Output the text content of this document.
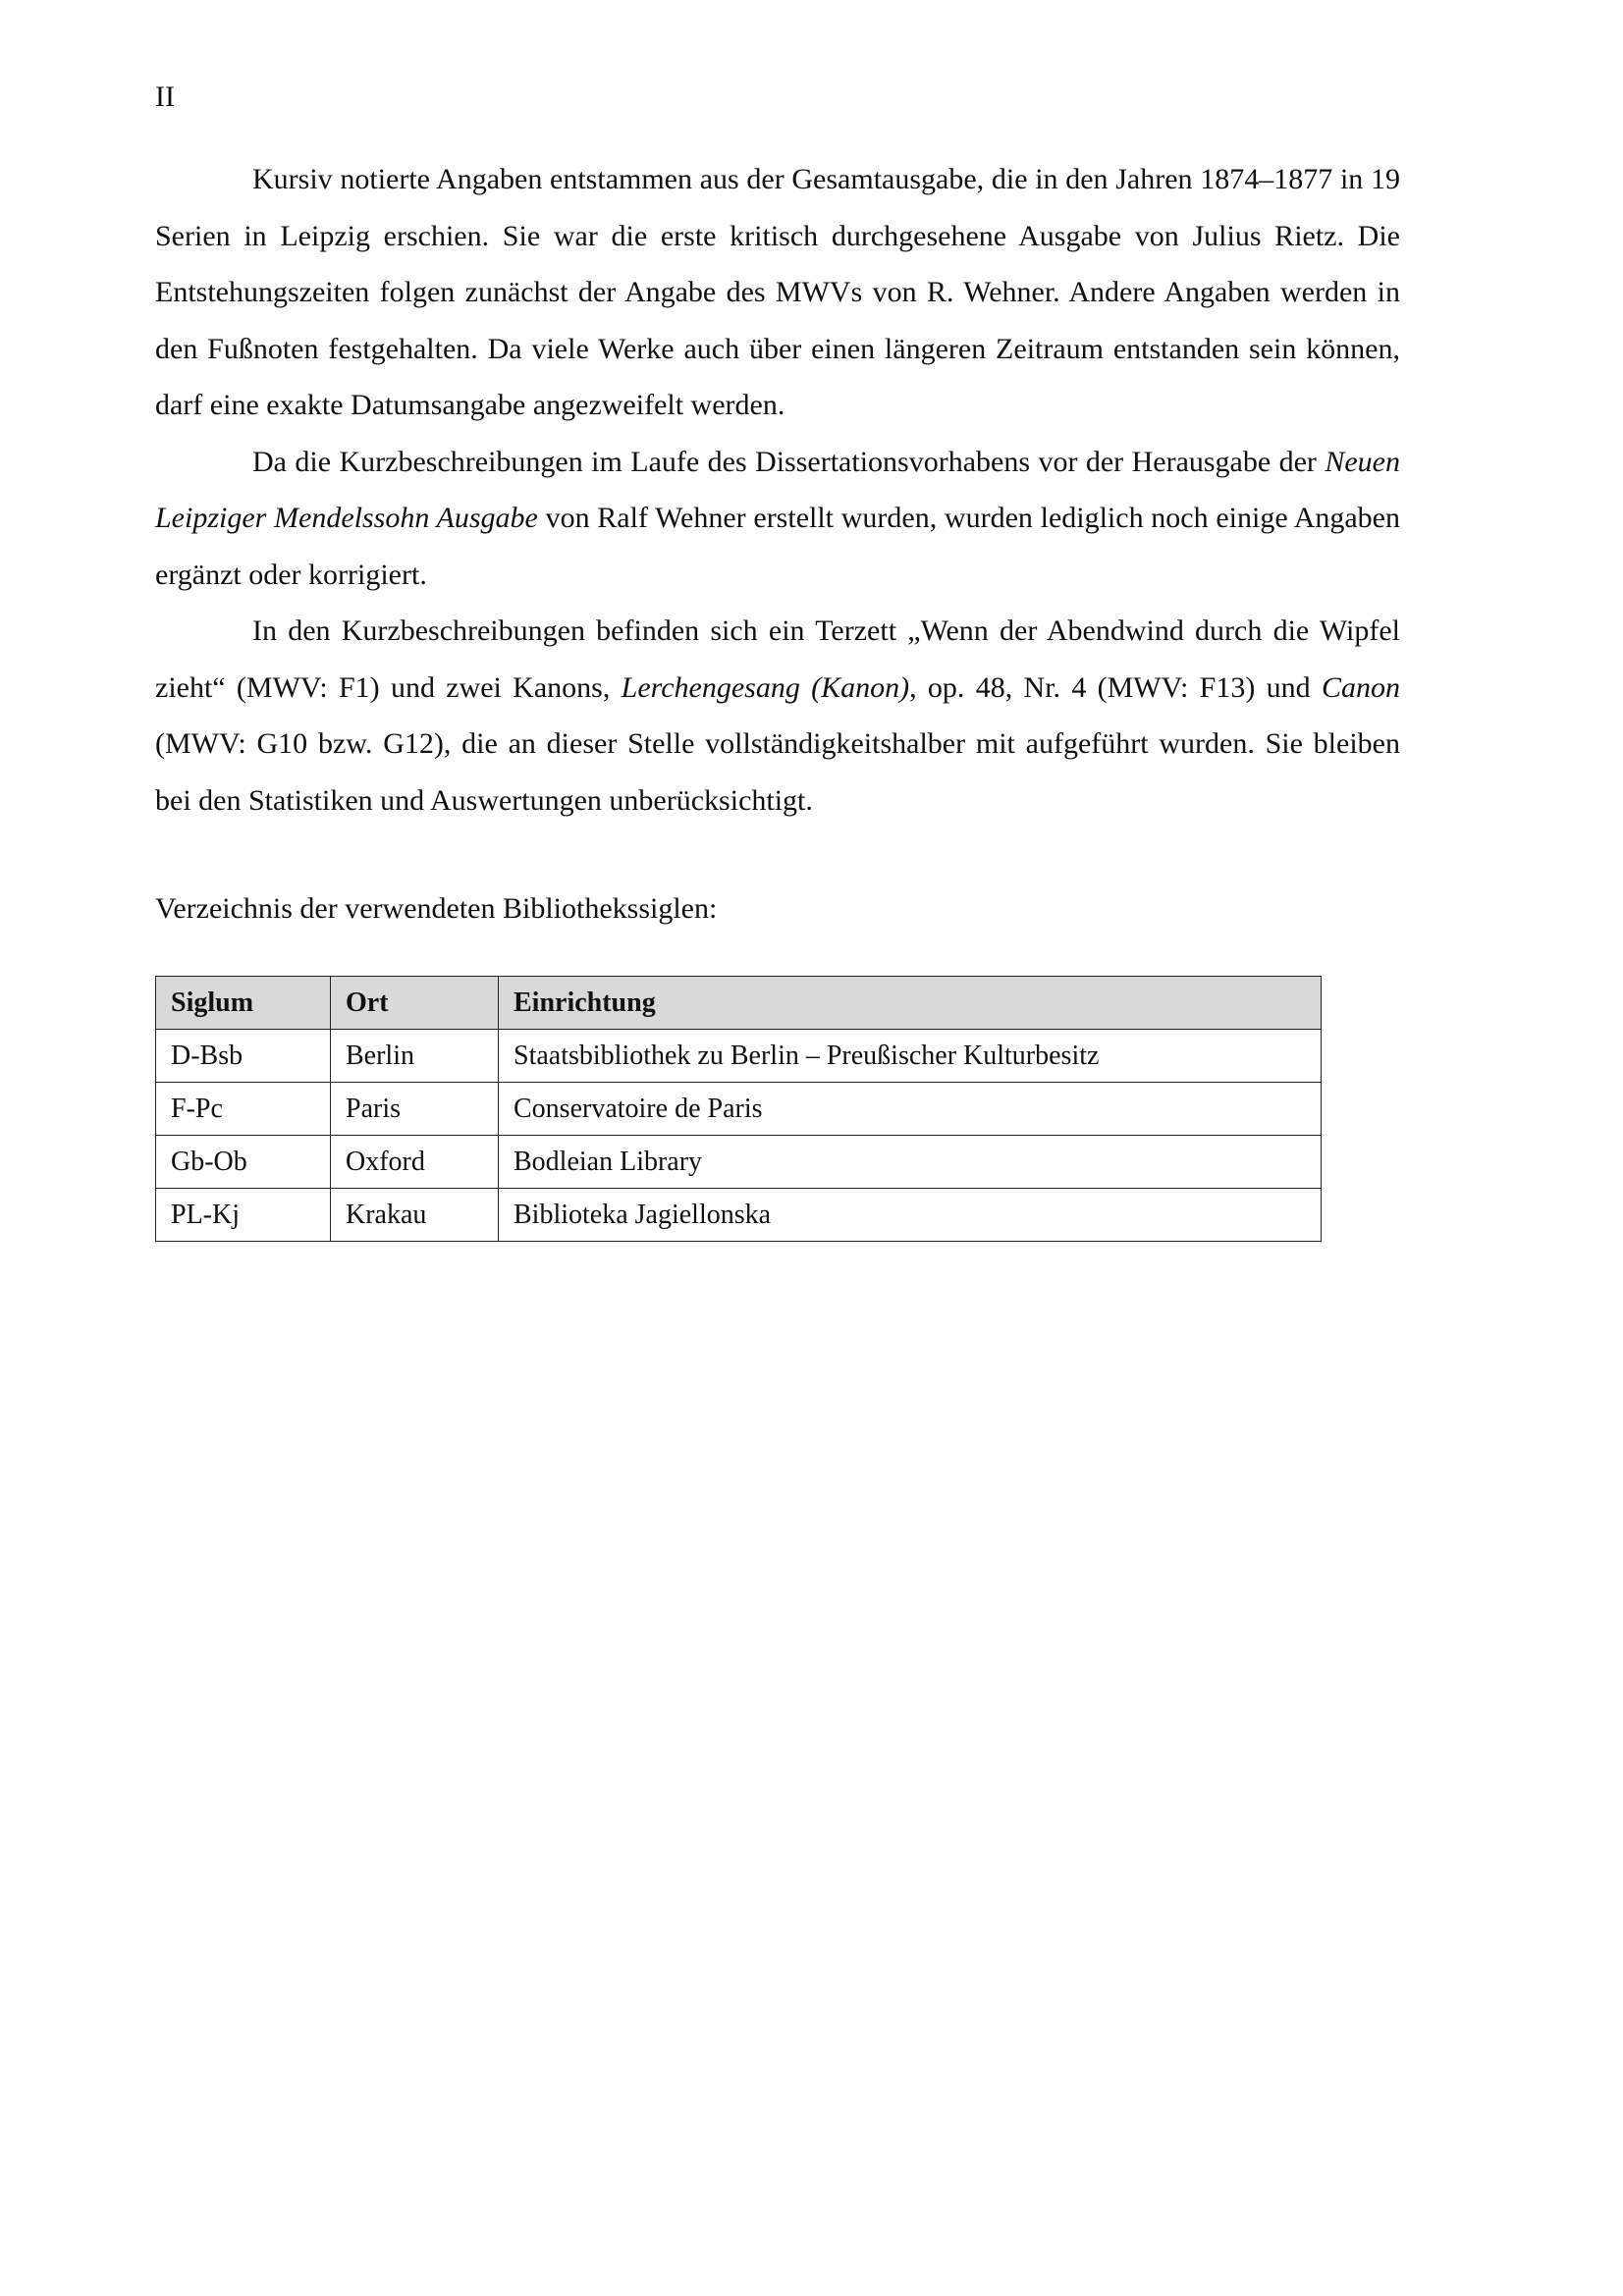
II

Kursiv notierte Angaben entstammen aus der Gesamtausgabe, die in den Jahren 1874–1877 in 19 Serien in Leipzig erschien. Sie war die erste kritisch durchgesehene Ausgabe von Julius Rietz. Die Entstehungszeiten folgen zunächst der Angabe des MWVs von R. Wehner. Andere Angaben werden in den Fußnoten festgehalten. Da viele Werke auch über einen längeren Zeitraum entstanden sein können, darf eine exakte Datumsangabe angezweifelt werden.

Da die Kurzbeschreibungen im Laufe des Dissertationsvorhabens vor der Herausgabe der Neuen Leipziger Mendelssohn Ausgabe von Ralf Wehner erstellt wurden, wurden lediglich noch einige Angaben ergänzt oder korrigiert.

In den Kurzbeschreibungen befinden sich ein Terzett „Wenn der Abendwind durch die Wipfel zieht“ (MWV: F1) und zwei Kanons, Lerchengesang (Kanon), op. 48, Nr. 4 (MWV: F13) und Canon (MWV: G10 bzw. G12), die an dieser Stelle vollständigkeitshalber mit aufgeführt wurden. Sie bleiben bei den Statistiken und Auswertungen unberücksichtigt.

Verzeichnis der verwendeten Bibliothekssiglen:
Siglum	Ort	Einrichtung
D-Bsb	Berlin	Staatsbibliothek zu Berlin – Preußischer Kulturbesitz
F-Pc	Paris	Conservatoire de Paris
Gb-Ob	Oxford	Bodleian Library
PL-Kj	Krakau	Biblioteka Jagiellonska
